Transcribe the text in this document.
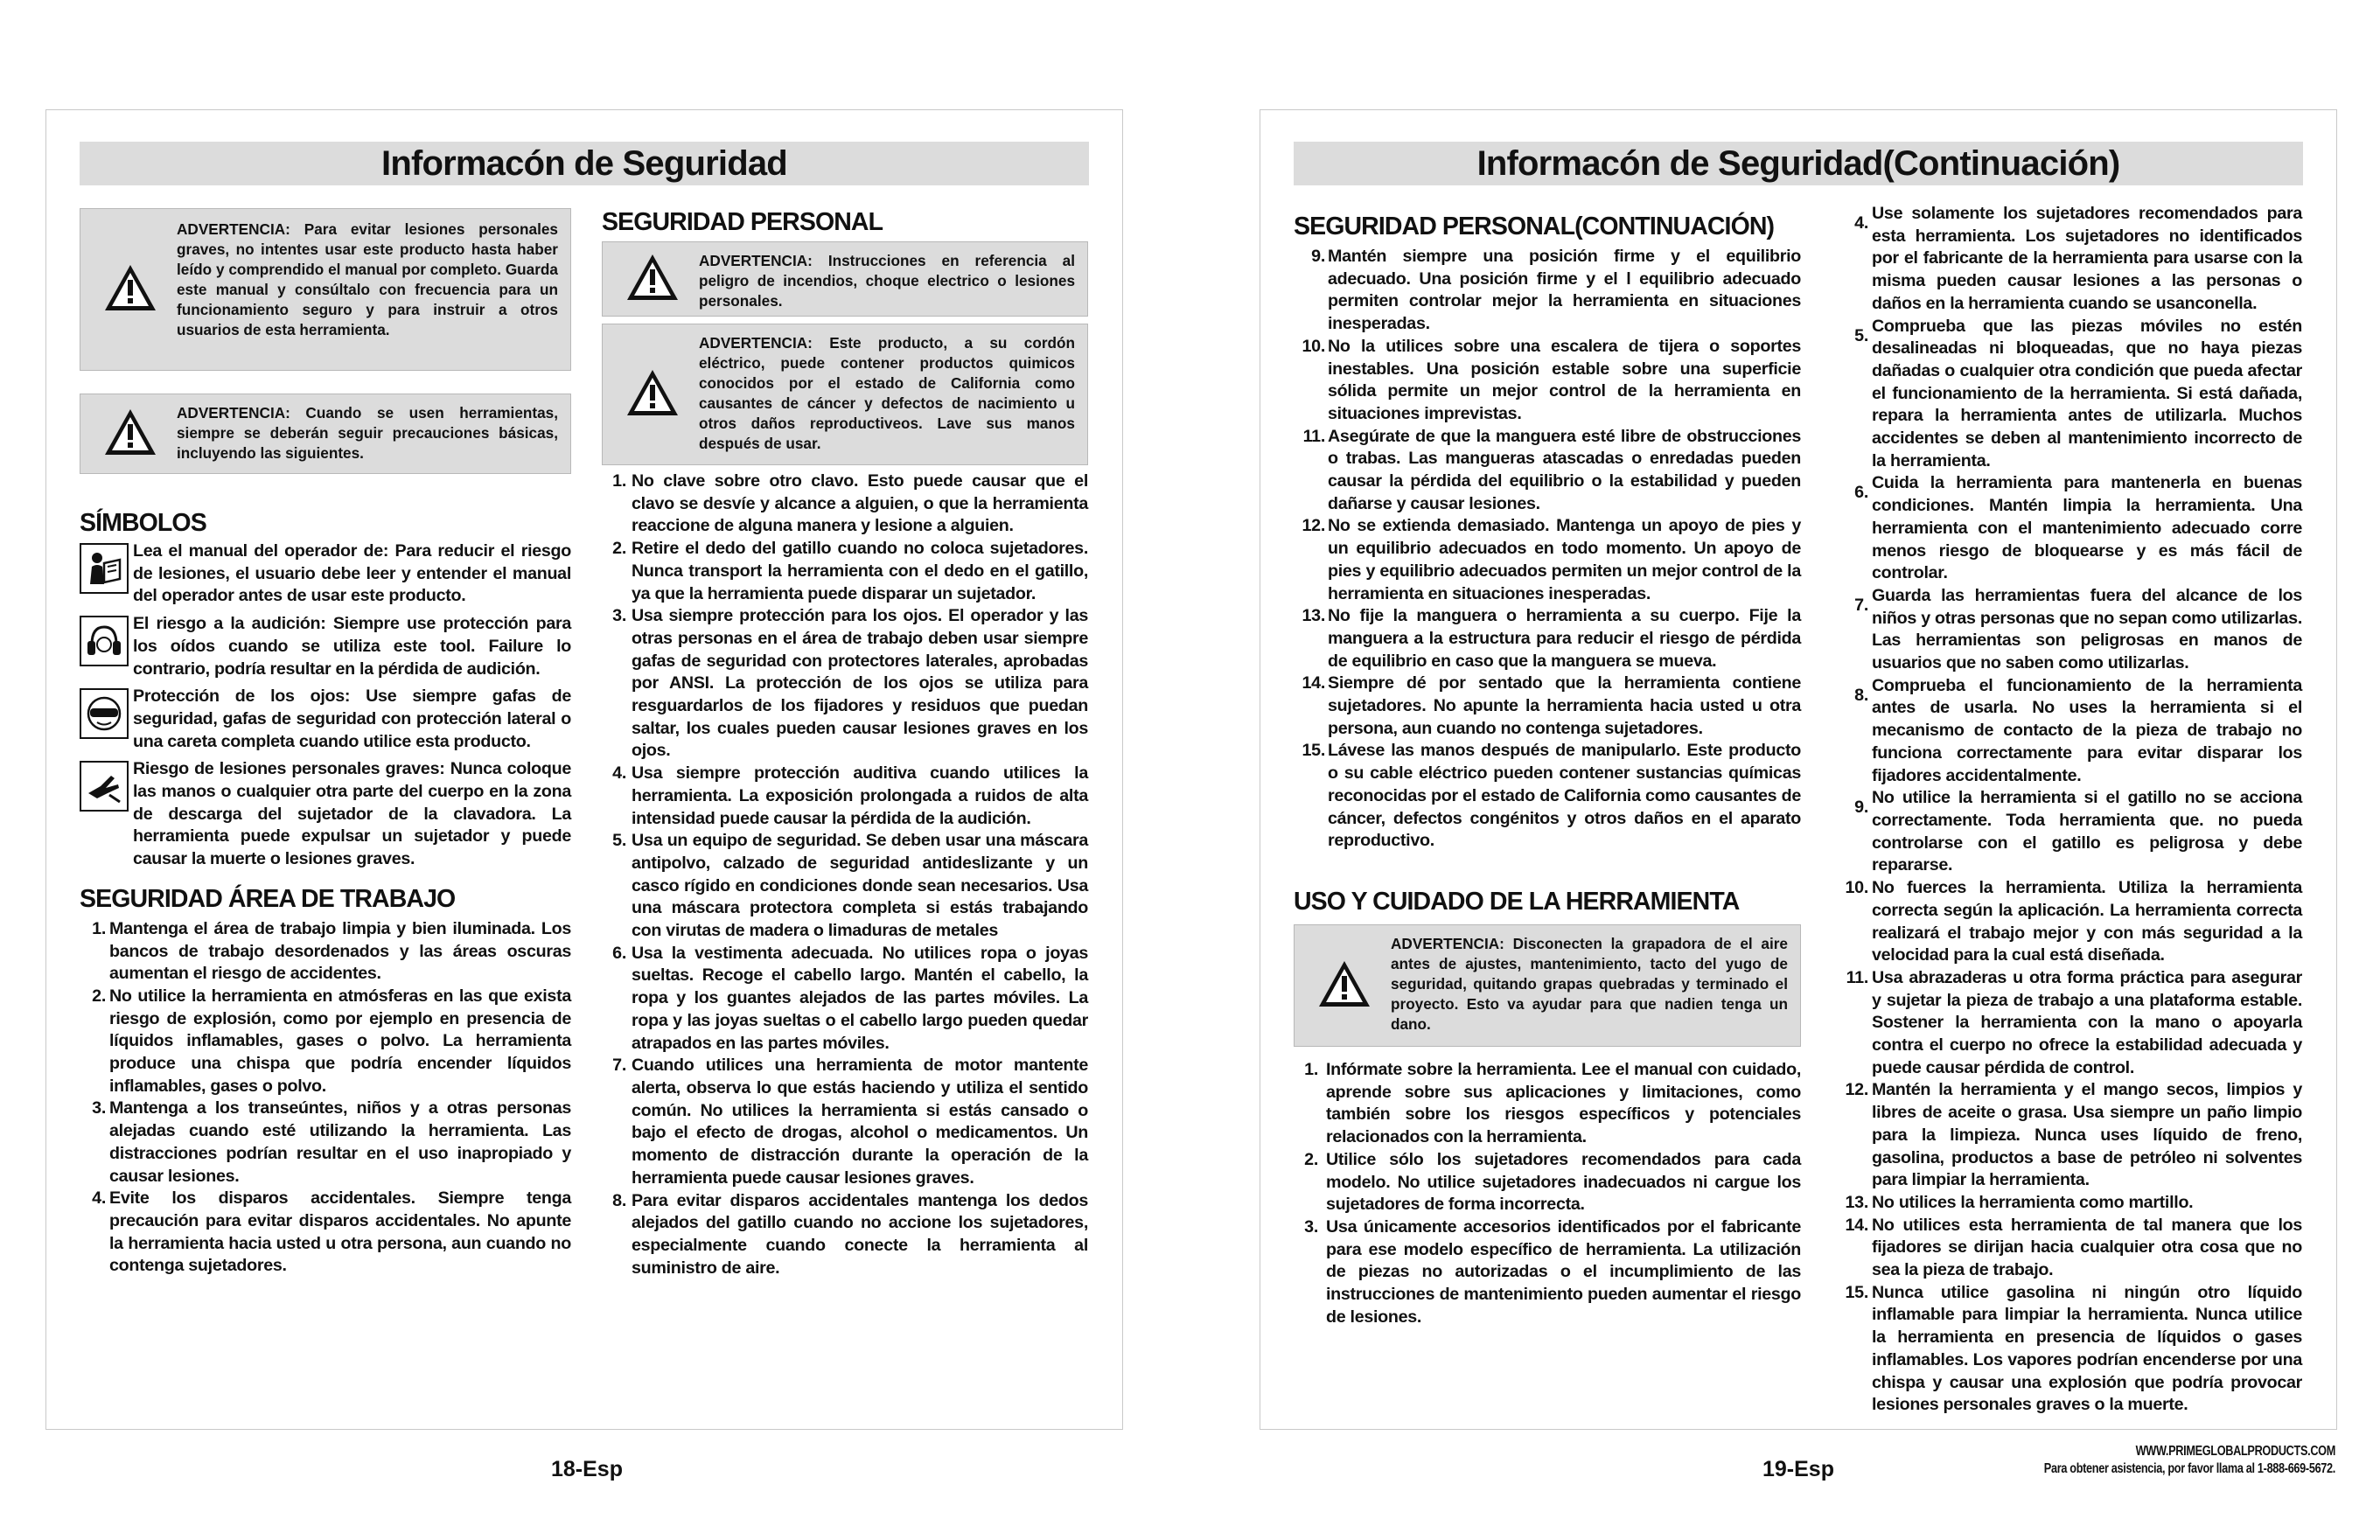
Informacón de Seguridad
ADVERTENCIA: Para evitar lesiones personales graves, no intentes usar este producto hasta haber leído y comprendido el manual por completo. Guarda este manual y consúltalo con frecuencia para un funcionamiento seguro y para instruir a otros usuarios de esta herramienta.
ADVERTENCIA: Cuando se usen herramientas, siempre se deberán seguir precauciones básicas, incluyendo las siguientes.
SÍMBOLOS
Lea el manual del operador de: Para reducir el riesgo de lesiones, el usuario debe leer y entender el manual del operador antes de usar este producto.
El riesgo a la audición: Siempre use protección para los oídos cuando se utiliza este tool. Failure lo contrario, podría resultar en la pérdida de audición.
Protección de los ojos: Use siempre gafas de seguridad, gafas de seguridad con protección lateral o una careta completa cuando utilice esta producto.
Riesgo de lesiones personales graves: Nunca coloque las manos o cualquier otra parte del cuerpo en la zona de descarga del sujetador de la clavadora. La herramienta puede expulsar un sujetador y puede causar la muerte o lesiones graves.
SEGURIDAD ÁREA DE TRABAJO
1. Mantenga el área de trabajo limpia y bien iluminada. Los bancos de trabajo desordenados y las áreas oscuras aumentan el riesgo de accidentes.
2. No utilice la herramienta en atmósferas en las que exista riesgo de explosión, como por ejemplo en presencia de líquidos inflamables, gases o polvo. La herramienta produce una chispa que podría encender líquidos inflamables, gases o polvo.
3. Mantenga a los transeúntes, niños y a otras personas alejadas cuando esté utilizando la herramienta. Las distracciones podrían resultar en el uso inapropiado y causar lesiones.
4. Evite los disparos accidentales. Siempre tenga precaución para evitar disparos accidentales. No apunte la herramienta hacia usted u otra persona, aun cuando no contenga sujetadores.
SEGURIDAD PERSONAL
ADVERTENCIA: Instrucciones en referencia al peligro de incendios, choque electrico o lesiones personales.
ADVERTENCIA: Este producto, a su cordón eléctrico, puede contener productos quimicos conocidos por el estado de California como causantes de cáncer y defectos de nacimiento u otros daños reproductiveos. Lave sus manos después de usar.
1. No clave sobre otro clavo. Esto puede causar que el clavo se desvíe y alcance a alguien, o que la herramienta reaccione de alguna manera y lesione a alguien.
2. Retire el dedo del gatillo cuando no coloca sujetadores. Nunca transport la herramienta con el dedo en el gatillo, ya que la herramienta puede disparar un sujetador.
3. Usa siempre protección para los ojos. El operador y las otras personas en el área de trabajo deben usar siempre gafas de seguridad con protectores laterales, aprobadas por ANSI. La protección de los ojos se utiliza para resguardarlos de los fijadores y residuos que puedan saltar, los cuales pueden causar lesiones graves en los ojos.
4. Usa siempre protección auditiva cuando utilices la herramienta. La exposición prolongada a ruidos de alta intensidad puede causar la pérdida de la audición.
5. Usa un equipo de seguridad. Se deben usar una máscara antipolvo, calzado de seguridad antideslizante y un casco rígido en condiciones donde sean necesarios. Usa una máscara protectora completa si estás trabajando con virutas de madera o limaduras de metales
6. Usa la vestimenta adecuada. No utilices ropa o joyas sueltas. Recoge el cabello largo. Mantén el cabello, la ropa y los guantes alejados de las partes móviles. La ropa y las joyas sueltas o el cabello largo pueden quedar atrapados en las partes móviles.
7. Cuando utilices una herramienta de motor mantente alerta, observa lo que estás haciendo y utiliza el sentido común. No utilices la herramienta si estás cansado o bajo el efecto de drogas, alcohol o medicamentos. Un momento de distracción durante la operación de la herramienta puede causar lesiones graves.
8. Para evitar disparos accidentales mantenga los dedos alejados del gatillo cuando no accione los sujetadores, especialmente cuando conecte la herramienta al suministro de aire.
Informacón de Seguridad(Continuación)
SEGURIDAD PERSONAL(CONTINUACIÓN)
9. Mantén siempre una posición firme y el equilibrio adecuado. Una posición firme y el l equilibrio adecuado permiten controlar mejor la herramienta en situaciones inesperadas.
10. No la utilices sobre una escalera de tijera o soportes inestables. Una posición estable sobre una superficie sólida permite un mejor control de la herramienta en situaciones imprevistas.
11. Asegúrate de que la manguera esté libre de obstrucciones o trabas. Las mangueras atascadas o enredadas pueden causar la pérdida del equilibrio o la estabilidad y pueden dañarse y causar lesiones.
12. No se extienda demasiado. Mantenga un apoyo de pies y un equilibrio adecuados en todo momento. Un apoyo de pies y equilibrio adecuados permiten un mejor control de la herramienta en situaciones inesperadas.
13. No fije la manguera o herramienta a su cuerpo. Fije la manguera a la estructura para reducir el riesgo de pérdida de equilibrio en caso que la manguera se mueva.
14. Siempre dé por sentado que la herramienta contiene sujetadores. No apunte la herramienta hacia usted u otra persona, aun cuando no contenga sujetadores.
15. Lávese las manos después de manipularlo. Este producto o su cable eléctrico pueden contener sustancias químicas reconocidas por el estado de California como causantes de cáncer, defectos congénitos y otros daños en el aparato reproductivo.
USO Y CUIDADO DE LA HERRAMIENTA
ADVERTENCIA: Disconecten la grapadora de el aire antes de ajustes, mantenimiento, tacto del yugo de seguridad, quitando grapas quebradas y terminado el proyecto. Esto va ayudar para que nadien tenga un dano.
1. Infórmate sobre la herramienta. Lee el manual con cuidado, aprende sobre sus aplicaciones y limitaciones, como también sobre los riesgos específicos y potenciales relacionados con la herramienta.
2. Utilice sólo los sujetadores recomendados para cada modelo. No utilice sujetadores inadecuados ni cargue los sujetadores de forma incorrecta.
3. Usa únicamente accesorios identificados por el fabricante para ese modelo específico de herramienta. La utilización de piezas no autorizadas o el incumplimiento de las instrucciones de mantenimiento pueden aumentar el riesgo de lesiones.
4. Use solamente los sujetadores recomendados para esta herramienta. Los sujetadores no identificados por el fabricante de la herramienta para usarse con la misma pueden causar lesiones a las personas o daños en la herramienta cuando se usanconella.
5. Comprueba que las piezas móviles no estén desalineadas ni bloqueadas, que no haya piezas dañadas o cualquier otra condición que pueda afectar el funcionamiento de la herramienta. Si está dañada, repara la herramienta antes de utilizarla. Muchos accidentes se deben al mantenimiento incorrecto de la herramienta.
6. Cuida la herramienta para mantenerla en buenas condiciones. Mantén limpia la herramienta. Una herramienta con el mantenimiento adecuado corre menos riesgo de bloquearse y es más fácil de controlar.
7. Guarda las herramientas fuera del alcance de los niños y otras personas que no sepan como utilizarlas. Las herramientas son peligrosas en manos de usuarios que no saben como utilizarlas.
8. Comprueba el funcionamiento de la herramienta antes de usarla. No uses la herramienta si el mecanismo de contacto de la pieza de trabajo no funciona correctamente para evitar disparar los fijadores accidentalmente.
9. No utilice la herramienta si el gatillo no se acciona correctamente. Toda herramienta que. no pueda controlarse con el gatillo es peligrosa y debe repararse.
10. No fuerces la herramienta. Utiliza la herramienta correcta según la aplicación. La herramienta correcta realizará el trabajo mejor y con más seguridad a la velocidad para la cual está diseñada.
11. Usa abrazaderas u otra forma práctica para asegurar y sujetar la pieza de trabajo a una plataforma estable. Sostener la herramienta con la mano o apoyarla contra el cuerpo no ofrece la estabilidad adecuada y puede causar pérdida de control.
12. Mantén la herramienta y el mango secos, limpios y libres de aceite o grasa. Usa siempre un paño limpio para la limpieza. Nunca uses líquido de freno, gasolina, productos a base de petróleo ni solventes para limpiar la herramienta.
13. No utilices la herramienta como martillo.
14. No utilices esta herramienta de tal manera que los fijadores se dirijan hacia cualquier otra cosa que no sea la pieza de trabajo.
15. Nunca utilice gasolina ni ningún otro líquido inflamable para limpiar la herramienta. Nunca utilice la herramienta en presencia de líquidos o gases inflamables. Los vapores podrían encenderse por una chispa y causar una explosión que podría provocar lesiones personales graves o la muerte.
18-Esp	19-Esp
WWW.PRIMEGLOBALPRODUCTS.COM
Para obtener asistencia, por favor llama al 1-888-669-5672.
